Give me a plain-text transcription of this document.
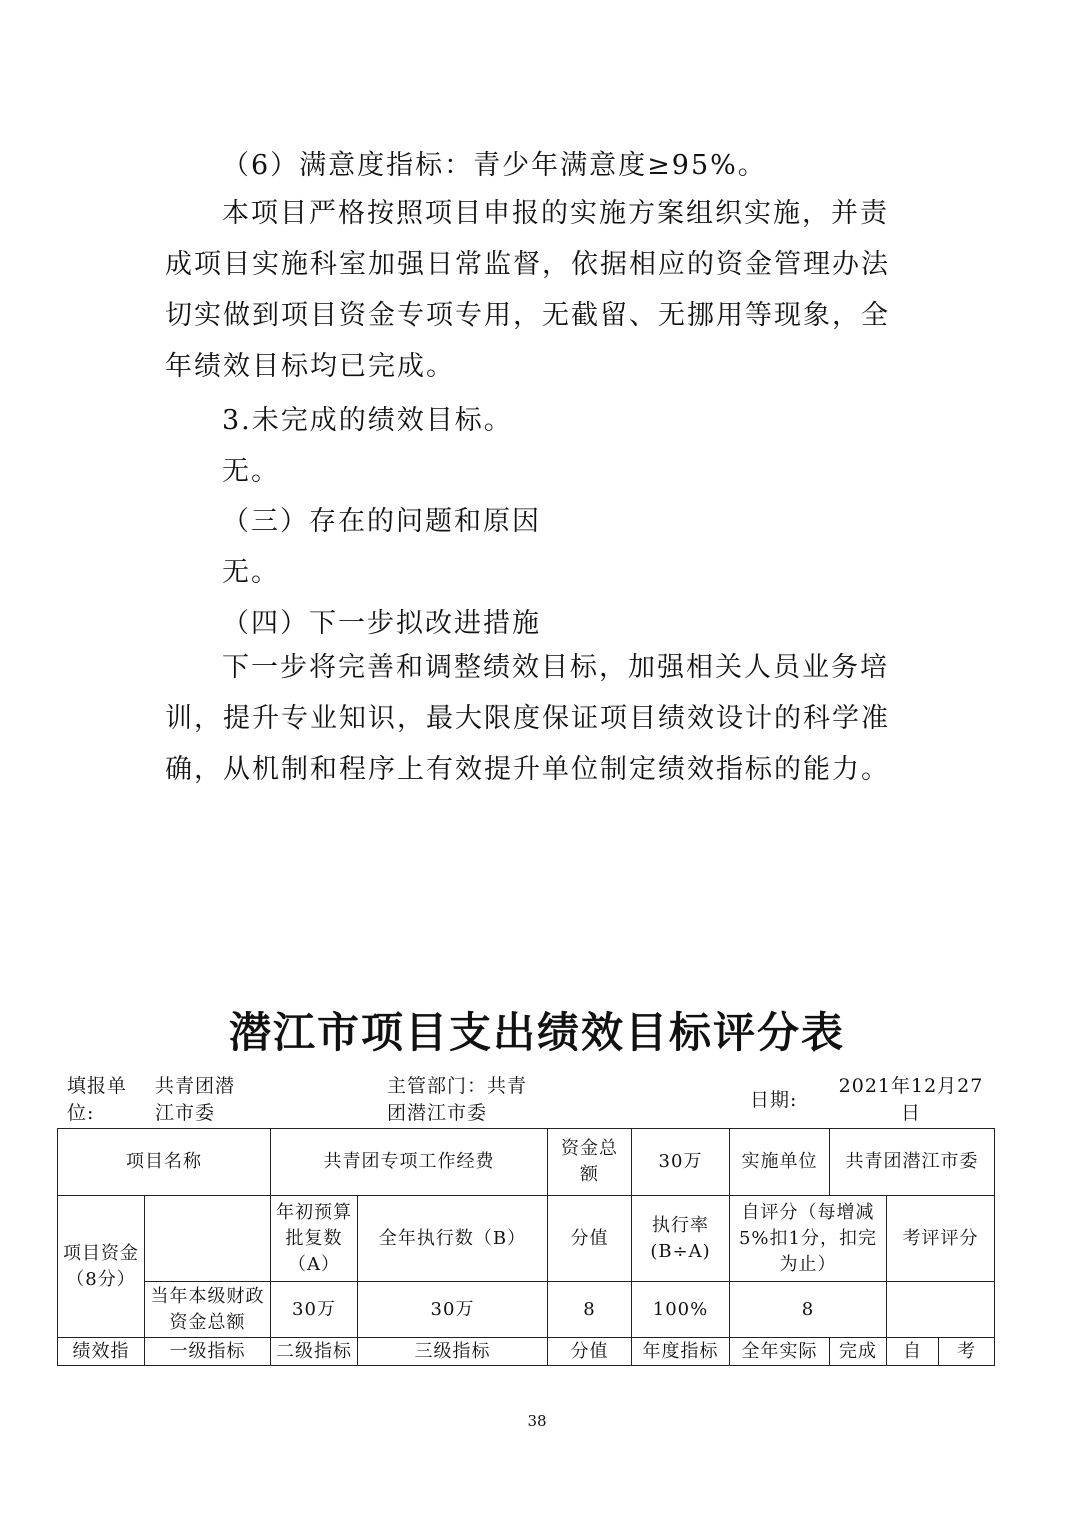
（6）满意度指标：青少年满意度≥95%。

本项目严格按照项目申报的实施方案组织实施，并责成项目实施科室加强日常监督，依据相应的资金管理办法切实做到项目资金专项专用，无截留、无挪用等现象，全年绩效目标均已完成。

3.未完成的绩效目标。
无。
（三）存在的问题和原因
无。
（四）下一步拟改进措施

下一步将完善和调整绩效目标，加强相关人员业务培训，提升专业知识，最大限度保证项目绩效设计的科学准确，从机制和程序上有效提升单位制定绩效指标的能力。

潜江市项目支出绩效目标评分表
填报单
位:
共青团潜
江市委
主管部门：共青
团潜江市委
日期:
2021年12月27
日
项目名称		共青团专项工作经费		资金总额	30万	实施单位	共青团潜江市委		
项目资金（8分）		年初预算批复数（A）	全年执行数（B）	分值	执行率(B÷A)	自评分（每增减5%扣1分，扣完为止）		考评评分	
	当年本级财政资金总额	30万	30万	8	100%	8			
绩效指	一级指标	二级指标	三级指标	分值	年度指标	全年实际	完成	自	考
38
